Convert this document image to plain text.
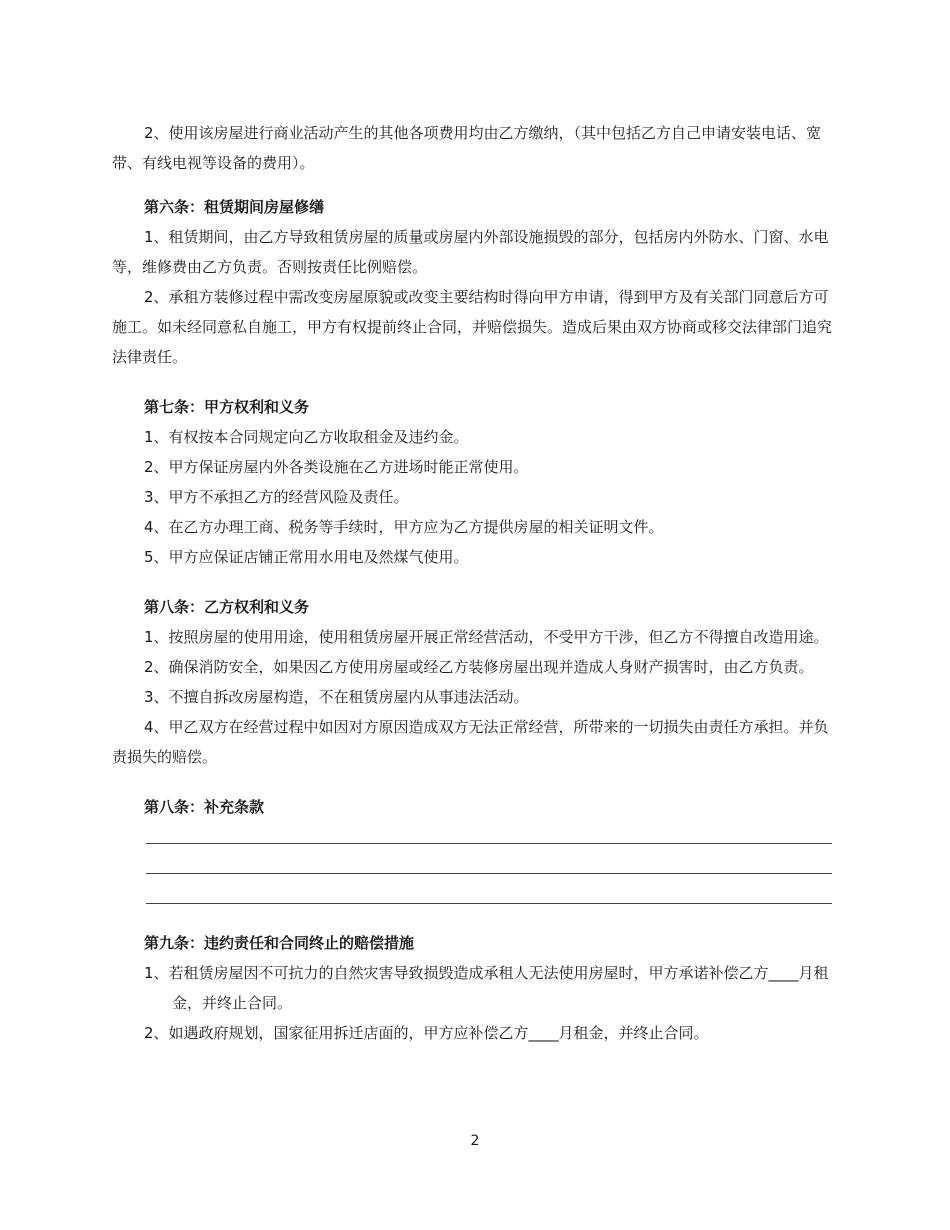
2、使用该房屋进行商业活动产生的其他各项费用均由乙方缴纳，（其中包括乙方自己申请安装电话、宽带、有线电视等设备的费用）。

第六条：租赁期间房屋修缮

1、租赁期间，由乙方导致租赁房屋的质量或房屋内外部设施损毁的部分，包括房内外防水、门窗、水电等，维修费由乙方负责。否则按责任比例赔偿。

2、承租方装修过程中需改变房屋原貌或改变主要结构时得向甲方申请，得到甲方及有关部门同意后方可施工。如未经同意私自施工，甲方有权提前终止合同，并赔偿损失。造成后果由双方协商或移交法律部门追究法律责任。

第七条：甲方权利和义务

1、有权按本合同规定向乙方收取租金及违约金。

2、甲方保证房屋内外各类设施在乙方进场时能正常使用。

3、甲方不承担乙方的经营风险及责任。

4、在乙方办理工商、税务等手续时，甲方应为乙方提供房屋的相关证明文件。

5、甲方应保证店铺正常用水用电及然煤气使用。

第八条：乙方权利和义务

1、按照房屋的使用用途，使用租赁房屋开展正常经营活动，不受甲方干涉，但乙方不得擅自改造用途。

2、确保消防安全，如果因乙方使用房屋或经乙方装修房屋出现并造成人身财产损害时，由乙方负责。

3、不擅自拆改房屋构造，不在租赁房屋内从事违法活动。

4、甲乙双方在经营过程中如因对方原因造成双方无法正常经营，所带来的一切损失由责任方承担。并负责损失的赔偿。

第八条：补充条款

第九条：违约责任和合同终止的赔偿措施

1、若租赁房屋因不可抗力的自然灾害导致损毁造成承租人无法使用房屋时，甲方承诺补偿乙方____月租金，并终止合同。

2、如遇政府规划，国家征用拆迁店面的，甲方应补偿乙方____月租金，并终止合同。

2
